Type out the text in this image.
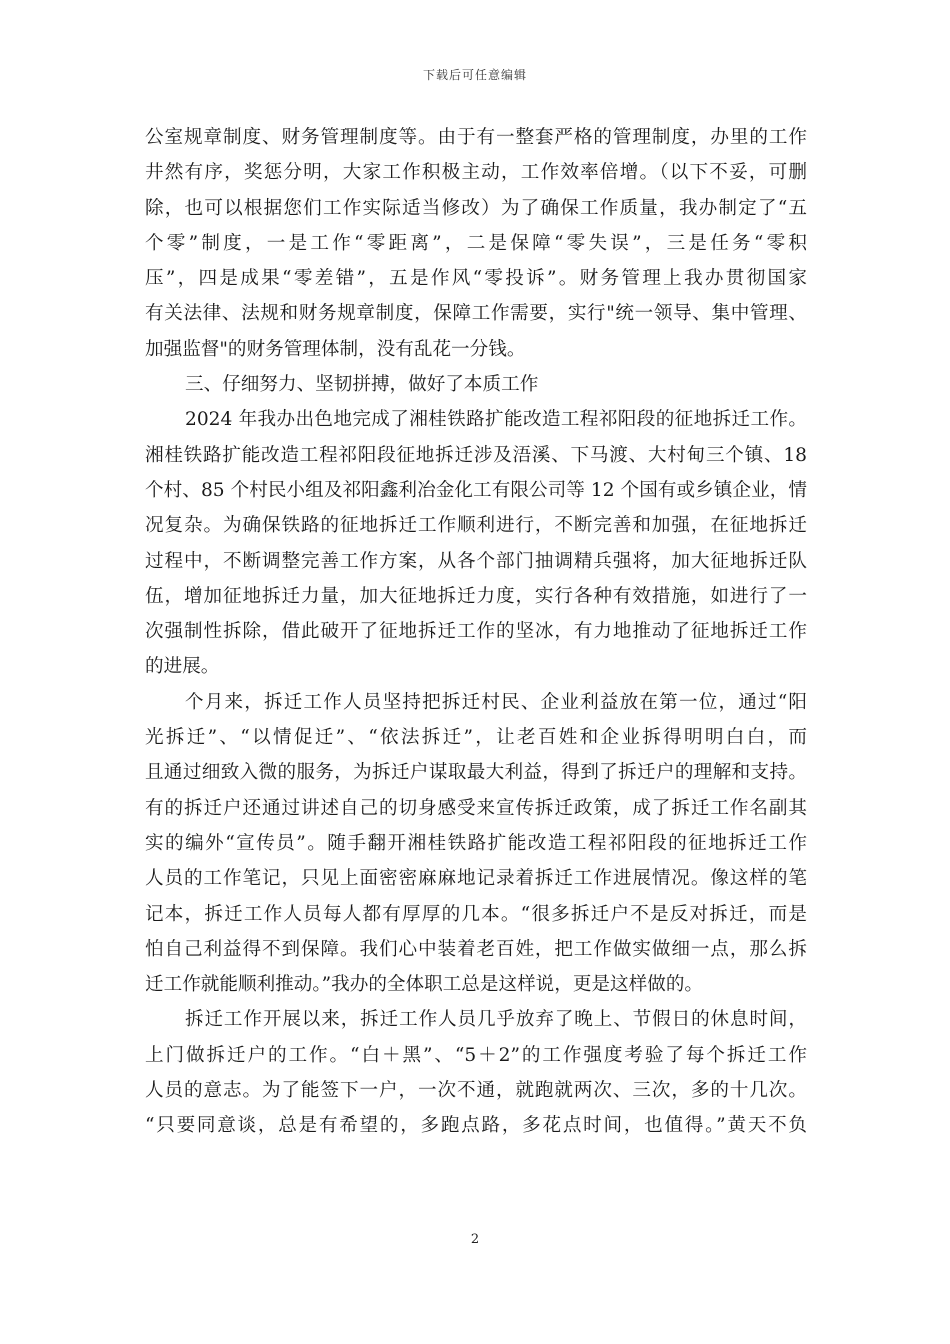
下载后可任意编辑
公室规章制度、财务管理制度等。由于有一整套严格的管理制度，办里的工作
井然有序，奖惩分明，大家工作积极主动，工作效率倍增。（以下不妥，可删
除，也可以根据您们工作实际适当修改）为了确保工作质量，我办制定了“五
个零”制度，一是工作“零距离”，二是保障“零失误”，三是任务“零积
压”，四是成果“零差错”，五是作风“零投诉”。财务管理上我办贯彻国家
有关法律、法规和财务规章制度，保障工作需要，实行"统一领导、集中管理、
加强监督"的财务管理体制，没有乱花一分钱。
三、仔细努力、坚韧拼搏，做好了本质工作
2024 年我办出色地完成了湘桂铁路扩能改造工程祁阳段的征地拆迁工作。
湘桂铁路扩能改造工程祁阳段征地拆迁涉及浯溪、下马渡、大村甸三个镇、18
个村、85 个村民小组及祁阳鑫利冶金化工有限公司等 12 个国有或乡镇企业，情
况复杂。为确保铁路的征地拆迁工作顺利进行，不断完善和加强，在征地拆迁
过程中，不断调整完善工作方案，从各个部门抽调精兵强将，加大征地拆迁队
伍，增加征地拆迁力量，加大征地拆迁力度，实行各种有效措施，如进行了一
次强制性拆除，借此破开了征地拆迁工作的坚冰，有力地推动了征地拆迁工作
的进展。
个月来，拆迁工作人员坚持把拆迁村民、企业利益放在第一位，通过“阳
光拆迁”、“以情促迁”、“依法拆迁”，让老百姓和企业拆得明明白白，而
且通过细致入微的服务，为拆迁户谋取最大利益，得到了拆迁户的理解和支持。
有的拆迁户还通过讲述自己的切身感受来宣传拆迁政策，成了拆迁工作名副其
实的编外“宣传员”。随手翻开湘桂铁路扩能改造工程祁阳段的征地拆迁工作
人员的工作笔记，只见上面密密麻麻地记录着拆迁工作进展情况。像这样的笔
记本，拆迁工作人员每人都有厚厚的几本。“很多拆迁户不是反对拆迁，而是
怕自己利益得不到保障。我们心中装着老百姓，把工作做实做细一点，那么拆
迁工作就能顺利推动。”我办的全体职工总是这样说，更是这样做的。
拆迁工作开展以来，拆迁工作人员几乎放弃了晚上、节假日的休息时间，
上门做拆迁户的工作。“白＋黑”、“5＋2”的工作强度考验了每个拆迁工作
人员的意志。为了能签下一户，一次不通，就跑就两次、三次，多的十几次。
“只要同意谈，总是有希望的，多跑点路，多花点时间，也值得。”黄天不负
2
